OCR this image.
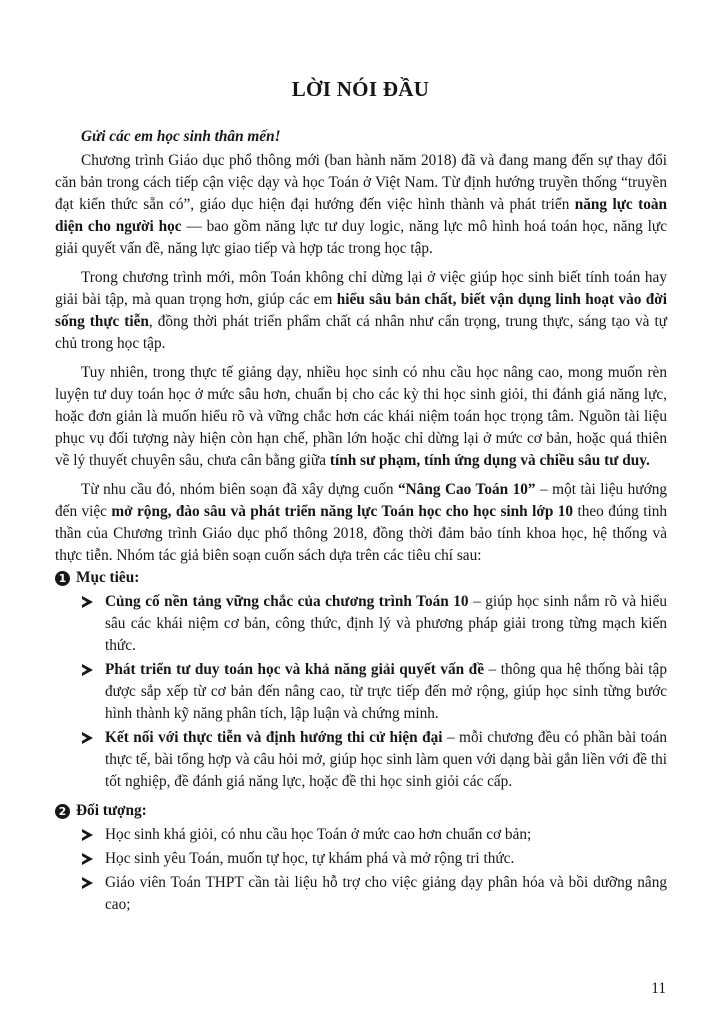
LỜI NÓI ĐẦU

Gửi các em học sinh thân mến!

Chương trình Giáo dục phổ thông mới (ban hành năm 2018) đã và đang mang đến sự thay đổi căn bản trong cách tiếp cận việc dạy và học Toán ở Việt Nam. Từ định hướng truyền thống “truyền đạt kiến thức sẵn có”, giáo dục hiện đại hướng đến việc hình thành và phát triển năng lực toàn diện cho người học — bao gồm năng lực tư duy logic, năng lực mô hình hoá toán học, năng lực giải quyết vấn đề, năng lực giao tiếp và hợp tác trong học tập.

Trong chương trình mới, môn Toán không chỉ dừng lại ở việc giúp học sinh biết tính toán hay giải bài tập, mà quan trọng hơn, giúp các em hiểu sâu bản chất, biết vận dụng linh hoạt vào đời sống thực tiễn, đồng thời phát triển phẩm chất cá nhân như cẩn trọng, trung thực, sáng tạo và tự chủ trong học tập.

Tuy nhiên, trong thực tế giảng dạy, nhiều học sinh có nhu cầu học nâng cao, mong muốn rèn luyện tư duy toán học ở mức sâu hơn, chuẩn bị cho các kỳ thi học sinh giỏi, thi đánh giá năng lực, hoặc đơn giản là muốn hiểu rõ và vững chắc hơn các khái niệm toán học trọng tâm. Nguồn tài liệu phục vụ đối tượng này hiện còn hạn chế, phần lớn hoặc chỉ dừng lại ở mức cơ bản, hoặc quá thiên về lý thuyết chuyên sâu, chưa cân bằng giữa tính sư phạm, tính ứng dụng và chiều sâu tư duy.

Từ nhu cầu đó, nhóm biên soạn đã xây dựng cuốn “Nâng Cao Toán 10” – một tài liệu hướng đến việc mở rộng, đào sâu và phát triển năng lực Toán học cho học sinh lớp 10 theo đúng tinh thần của Chương trình Giáo dục phổ thông 2018, đồng thời đảm bảo tính khoa học, hệ thống và thực tiễn. Nhóm tác giả biên soạn cuốn sách dựa trên các tiêu chí sau:

1 Mục tiêu:
Củng cố nền tảng vững chắc của chương trình Toán 10 – giúp học sinh nắm rõ và hiểu sâu các khái niệm cơ bản, công thức, định lý và phương pháp giải trong từng mạch kiến thức.
Phát triển tư duy toán học và khả năng giải quyết vấn đề – thông qua hệ thống bài tập được sắp xếp từ cơ bản đến nâng cao, từ trực tiếp đến mở rộng, giúp học sinh từng bước hình thành kỹ năng phân tích, lập luận và chứng minh.
Kết nối với thực tiễn và định hướng thi cử hiện đại – mỗi chương đều có phần bài toán thực tế, bài tổng hợp và câu hỏi mở, giúp học sinh làm quen với dạng bài gắn liền với đề thi tốt nghiệp, đề đánh giá năng lực, hoặc đề thi học sinh giỏi các cấp.
2 Đối tượng:
Học sinh khá giỏi, có nhu cầu học Toán ở mức cao hơn chuẩn cơ bản;
Học sinh yêu Toán, muốn tự học, tự khám phá và mở rộng tri thức.
Giáo viên Toán THPT cần tài liệu hỗ trợ cho việc giảng dạy phân hóa và bồi dưỡng nâng cao;
11
